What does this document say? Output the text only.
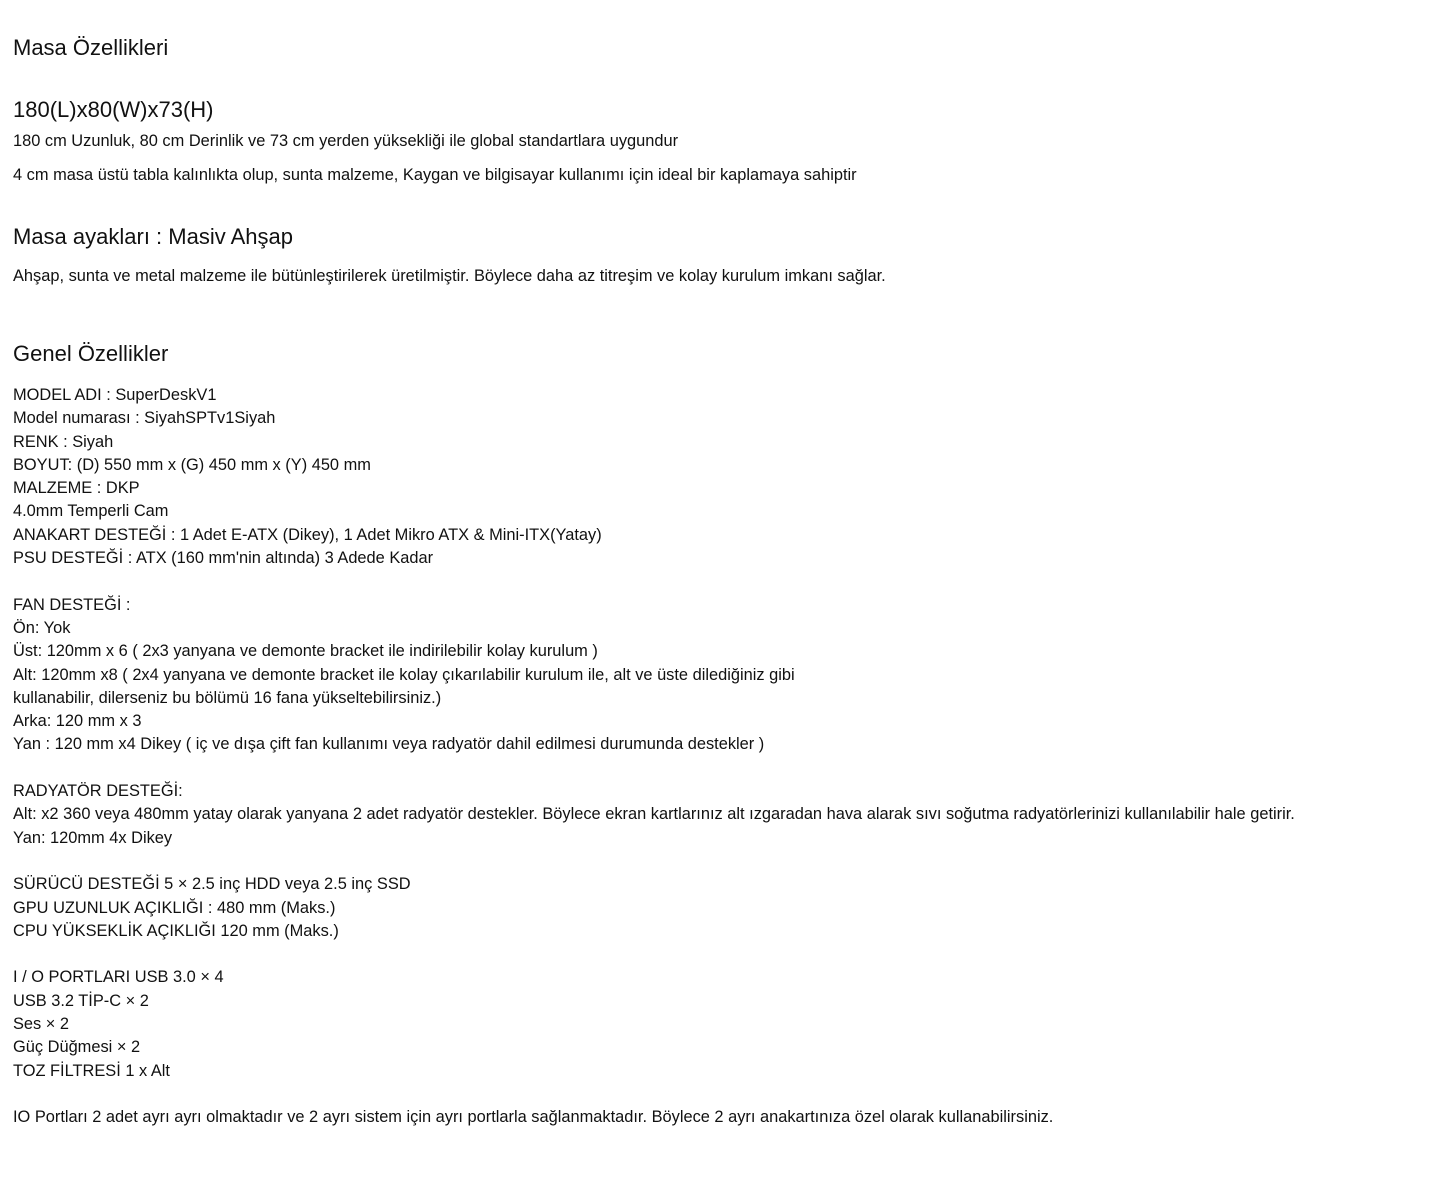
Masa Özellikleri
180(L)x80(W)x73(H)

180 cm Uzunluk, 80 cm Derinlik ve 73 cm yerden yüksekliği ile global standartlara uygundur

4 cm masa üstü tabla kalınlıkta olup, sunta malzeme, Kaygan ve bilgisayar kullanımı için ideal bir kaplamaya sahiptir

Masa ayakları : Masiv Ahşap

Ahşap, sunta ve metal malzeme ile bütünleştirilerek üretilmiştir. Böylece daha az titreşim ve kolay kurulum imkanı sağlar.

Genel Özellikler
MODEL ADI : SuperDeskV1
Model numarası : SiyahSPTv1Siyah
RENK : Siyah
BOYUT: (D) 550 mm x (G) 450 mm x (Y) 450 mm
MALZEME : DKP
4.0mm Temperli Cam
ANAKART DESTEĞİ : 1 Adet E-ATX (Dikey), 1 Adet Mikro ATX & Mini-ITX(Yatay)
PSU DESTEĞİ : ATX (160 mm'nin altında) 3 Adede Kadar
FAN DESTEĞİ :
Ön: Yok
Üst: 120mm x 6 ( 2x3 yanyana ve demonte bracket ile indirilebilir kolay kurulum )
Alt: 120mm x8 ( 2x4 yanyana ve demonte bracket ile kolay çıkarılabilir kurulum ile, alt ve üste dilediğiniz gibi
kullanabilir, dilerseniz bu bölümü 16 fana yükseltebilirsiniz.)
Arka: 120 mm x 3
Yan : 120 mm x4 Dikey ( iç ve dışa çift fan kullanımı veya radyatör dahil edilmesi durumunda destekler )
RADYATÖR DESTEĞİ:
Alt: x2 360 veya 480mm yatay olarak yanyana 2 adet radyatör destekler. Böylece ekran kartlarınız alt ızgaradan hava alarak sıvı soğutma radyatörlerinizi kullanılabilir hale getirir.
Yan: 120mm 4x Dikey
SÜRÜCÜ DESTEĞİ 5 × 2.5 inç HDD veya 2.5 inç SSD
GPU UZUNLUK AÇIKLIĞI : 480 mm (Maks.)
CPU YÜKSEKLİK AÇIKLIĞI 120 mm (Maks.)
I / O PORTLARI USB 3.0 × 4
USB 3.2 TİP-C × 2
Ses × 2
Güç Düğmesi × 2
TOZ FİLTRESİ 1 x Alt
IO Portları 2 adet ayrı ayrı olmaktadır ve 2 ayrı sistem için ayrı portlarla sağlanmaktadır. Böylece 2 ayrı anakartınıza özel olarak kullanabilirsiniz.
